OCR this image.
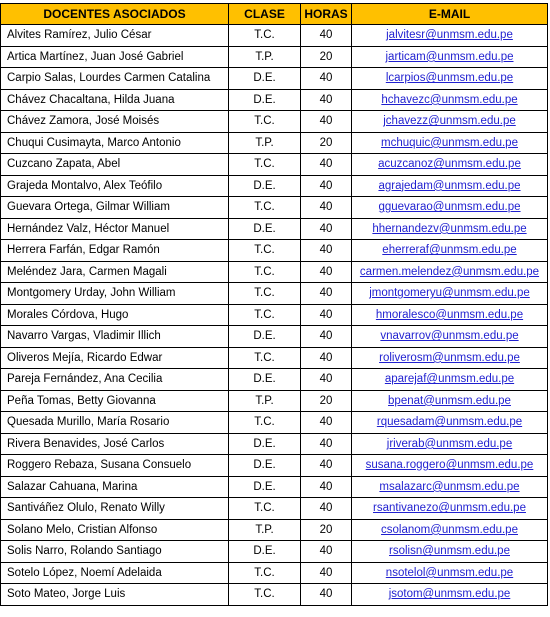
DOCENTES ASOCIADOS	CLASE	HORAS	E-MAIL
Alvites Ramírez, Julio César	T.C.	40	jalvitesr@unmsm.edu.pe
Artica Martínez, Juan José Gabriel	T.P.	20	jarticam@unmsm.edu.pe
Carpio Salas, Lourdes Carmen Catalina	D.E.	40	lcarpios@unmsm.edu.pe
Chávez Chacaltana, Hilda Juana	D.E.	40	hchavezc@unmsm.edu.pe
Chávez Zamora, José Moisés	T.C.	40	jchavezz@unmsm.edu.pe
Chuqui Cusimayta, Marco Antonio	T.P.	20	mchuquic@unmsm.edu.pe
Cuzcano Zapata, Abel	T.C.	40	acuzcanoz@unmsm.edu.pe
Grajeda Montalvo, Alex Teófilo	D.E.	40	agrajedam@unmsm.edu.pe
Guevara Ortega, Gilmar William	T.C.	40	gguevarao@unmsm.edu.pe
Hernández Valz, Héctor Manuel	D.E.	40	hhernandezv@unmsm.edu.pe
Herrera Farfán, Edgar Ramón	T.C.	40	eherreraf@unmsm.edu.pe
Meléndez Jara, Carmen Magali	T.C.	40	carmen.melendez@unmsm.edu.pe
Montgomery Urday, John William	T.C.	40	jmontgomeryu@unmsm.edu.pe
Morales Córdova, Hugo	T.C.	40	hmoralesco@unmsm.edu.pe
Navarro Vargas, Vladimir Illich	D.E.	40	vnavarrov@unmsm.edu.pe
Oliveros Mejía, Ricardo Edwar	T.C.	40	roliverosm@unmsm.edu.pe
Pareja Fernández, Ana Cecilia	D.E.	40	aparejaf@unmsm.edu.pe
Peña Tomas, Betty Giovanna	T.P.	20	bpenat@unmsm.edu.pe
Quesada Murillo, María Rosario	T.C.	40	rquesadam@unmsm.edu.pe
Rivera Benavides, José Carlos	D.E.	40	jriverab@unmsm.edu.pe
Roggero Rebaza, Susana Consuelo	D.E.	40	susana.roggero@unmsm.edu.pe
Salazar Cahuana, Marina	D.E.	40	msalazarc@unmsm.edu.pe
Santiváñez Olulo, Renato Willy	T.C.	40	rsantivanezo@unmsm.edu.pe
Solano Melo, Cristian Alfonso	T.P.	20	csolanom@unmsm.edu.pe
Solis Narro, Rolando Santiago	D.E.	40	rsolisn@unmsm.edu.pe
Sotelo López, Noemí Adelaida	T.C.	40	nsotelol@unmsm.edu.pe
Soto Mateo, Jorge Luis	T.C.	40	jsotom@unmsm.edu.pe
